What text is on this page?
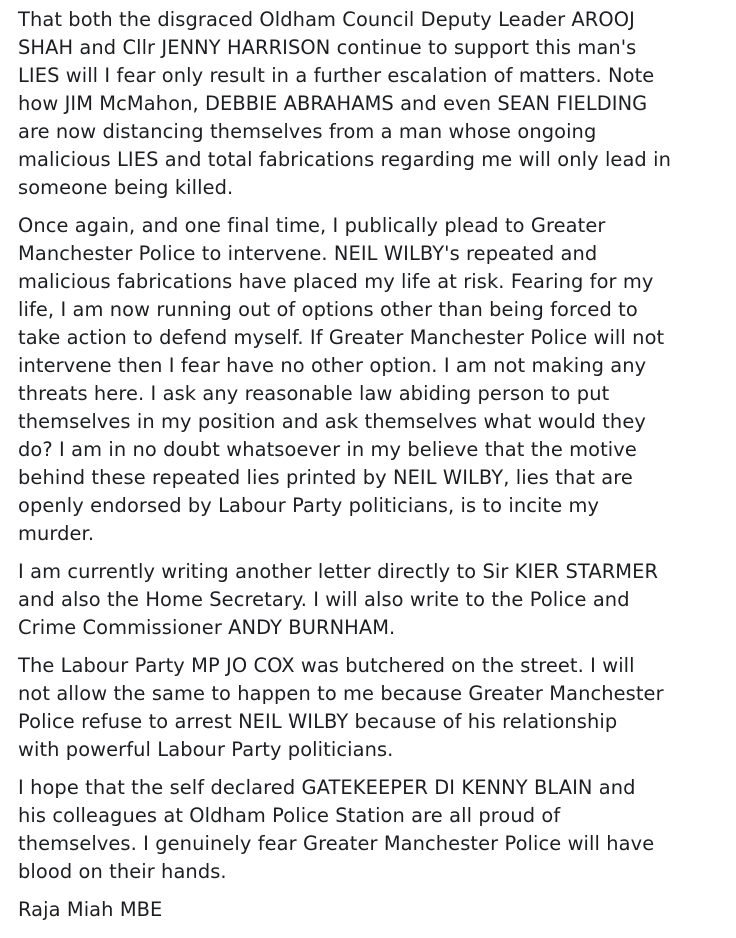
That both the disgraced Oldham Council Deputy Leader AROOJ
SHAH and Cllr JENNY HARRISON continue to support this man's
LIES will I fear only result in a further escalation of matters. Note
how JIM McMahon, DEBBIE ABRAHAMS and even SEAN FIELDING
are now distancing themselves from a man whose ongoing
malicious LIES and total fabrications regarding me will only lead in
someone being killed.

Once again, and one final time, I publically plead to Greater
Manchester Police to intervene. NEIL WILBY's repeated and
malicious fabrications have placed my life at risk. Fearing for my
life, I am now running out of options other than being forced to
take action to defend myself. If Greater Manchester Police will not
intervene then I fear have no other option. I am not making any
threats here. I ask any reasonable law abiding person to put
themselves in my position and ask themselves what would they
do? I am in no doubt whatsoever in my believe that the motive
behind these repeated lies printed by NEIL WILBY, lies that are
openly endorsed by Labour Party politicians, is to incite my
murder.

I am currently writing another letter directly to Sir KIER STARMER
and also the Home Secretary. I will also write to the Police and
Crime Commissioner ANDY BURNHAM.

The Labour Party MP JO COX was butchered on the street. I will
not allow the same to happen to me because Greater Manchester
Police refuse to arrest NEIL WILBY because of his relationship
with powerful Labour Party politicians.

I hope that the self declared GATEKEEPER DI KENNY BLAIN and
his colleagues at Oldham Police Station are all proud of
themselves. I genuinely fear Greater Manchester Police will have
blood on their hands.

Raja Miah MBE
